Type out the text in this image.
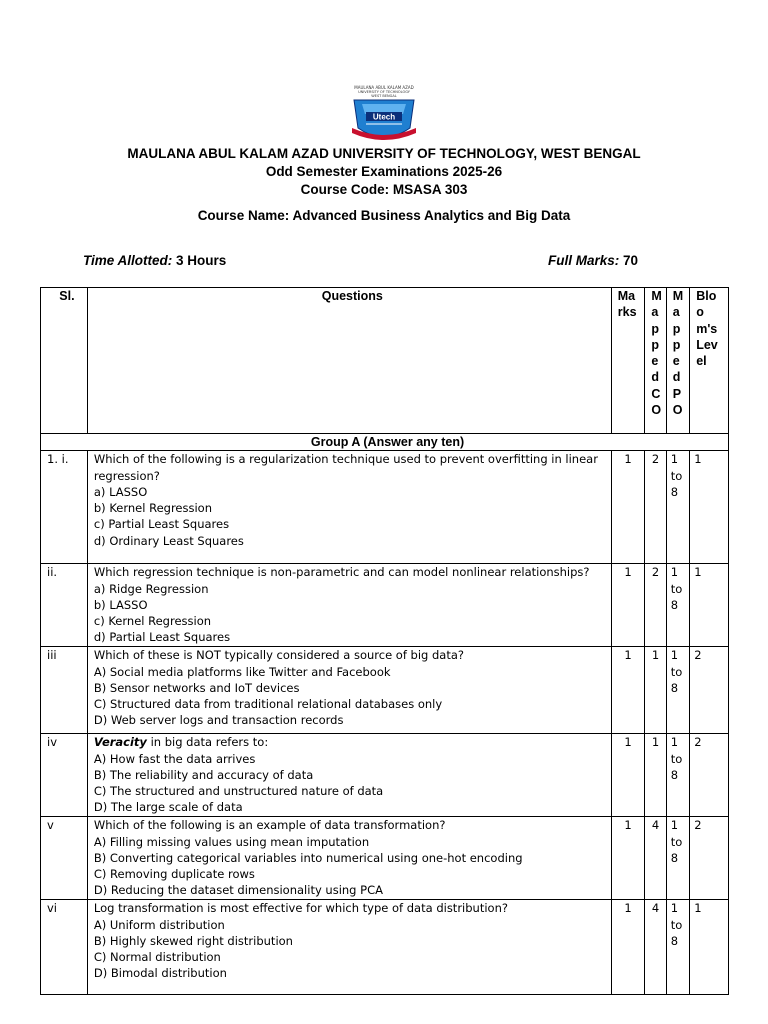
MAULANA ABUL KALAM AZAD
UNIVERSITY OF TECHNOLOGY
WEST BENGAL
Utech
MAULANA ABUL KALAM AZAD UNIVERSITY OF TECHNOLOGY, WEST BENGAL
Odd Semester Examinations 2025-26
Course Code: MSASA 303
Course Name: Advanced Business Analytics and Big Data
Time Allotted: 3 Hours	Full Marks: 70
Sl.	Questions	Marks	Mapped CO	Mapped PO	Bloom's Level

Group A (Answer any ten)					
1. i.	Which of the following is a regularization technique used to prevent overfitting in linear regression?
a) LASSO
b) Kernel Regression
c) Partial Least Squares
d) Ordinary Least Squares	1	2	1 to 8	1
ii.	Which regression technique is non-parametric and can model nonlinear relationships?
a) Ridge Regression
b) LASSO
c) Kernel Regression
d) Partial Least Squares	1	2	1 to 8	1
iii	Which of these is NOT typically considered a source of big data?
A) Social media platforms like Twitter and Facebook
B) Sensor networks and IoT devices
C) Structured data from traditional relational databases only
D) Web server logs and transaction records	1	1	1 to 8	2
iv	Veracity in big data refers to:
A) How fast the data arrives
B) The reliability and accuracy of data
C) The structured and unstructured nature of data
D) The large scale of data	1	1	1 to 8	2
v	Which of the following is an example of data transformation?
A) Filling missing values using mean imputation
B) Converting categorical variables into numerical using one-hot encoding
C) Removing duplicate rows
D) Reducing the dataset dimensionality using PCA	1	4	1 to 8	2
vi	Log transformation is most effective for which type of data distribution?
A) Uniform distribution
B) Highly skewed right distribution
C) Normal distribution
D) Bimodal distribution	1	4	1 to 8	1
